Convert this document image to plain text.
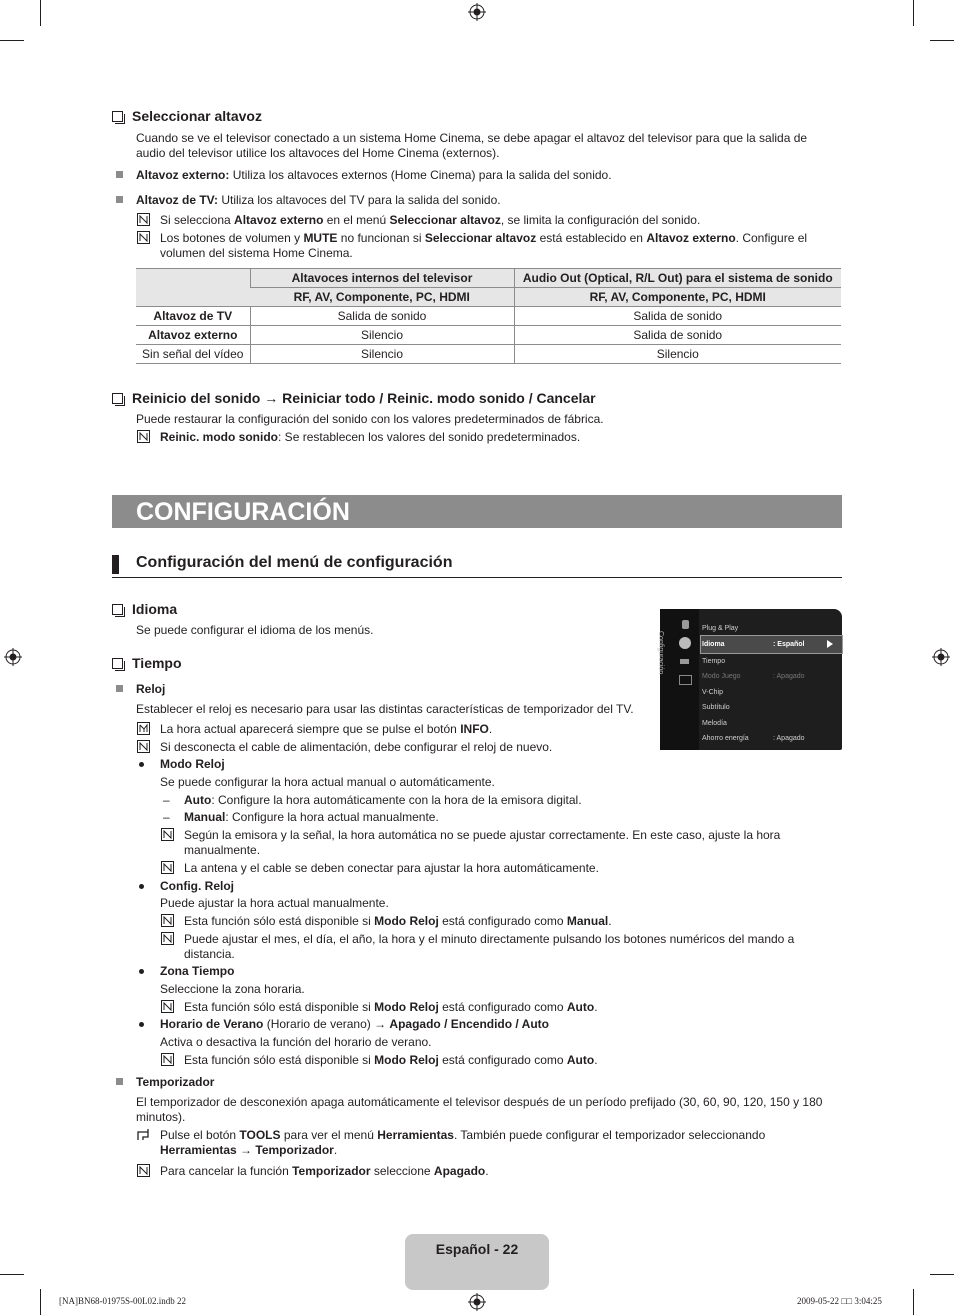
Seleccionar altavoz
Cuando se ve el televisor conectado a un sistema Home Cinema, se debe apagar el altavoz del televisor para que la salida de audio del televisor utilice los altavoces del Home Cinema (externos).
Altavoz externo: Utiliza los altavoces externos (Home Cinema) para la salida del sonido.
Altavoz de TV: Utiliza los altavoces del TV para la salida del sonido.
Si selecciona Altavoz externo en el menú Seleccionar altavoz, se limita la configuración del sonido.
Los botones de volumen y MUTE no funcionan si Seleccionar altavoz está establecido en Altavoz externo. Configure el volumen del sistema Home Cinema.
	Altavoces internos del televisor	Audio Out (Optical, R/L Out) para el sistema de sonido
	RF, AV, Componente, PC, HDMI	RF, AV, Componente, PC, HDMI
Altavoz de TV	Salida de sonido	Salida de sonido
Altavoz externo	Silencio	Salida de sonido
Sin señal del vídeo	Silencio	Silencio
Reinicio del sonido → Reiniciar todo / Reinic. modo sonido / Cancelar
Puede restaurar la configuración del sonido con los valores predeterminados de fábrica.
Reinic. modo sonido: Se restablecen los valores del sonido predeterminados.
CONFIGURACIÓN
Configuración del menú de configuración
Idioma
Se puede configurar el idioma de los menús.
Tiempo
Reloj
Establecer el reloj es necesario para usar las distintas características de temporizador del TV.
La hora actual aparecerá siempre que se pulse el botón INFO.
Si desconecta el cable de alimentación, debe configurar el reloj de nuevo.
Modo Reloj
Se puede configurar la hora actual manual o automáticamente.
– Auto: Configure la hora automáticamente con la hora de la emisora digital.
– Manual: Configure la hora actual manualmente.
Según la emisora y la señal, la hora automática no se puede ajustar correctamente. En este caso, ajuste la hora manualmente.
La antena y el cable se deben conectar para ajustar la hora automáticamente.
Config. Reloj
Puede ajustar la hora actual manualmente.
Esta función sólo está disponible si Modo Reloj está configurado como Manual.
Puede ajustar el mes, el día, el año, la hora y el minuto directamente pulsando los botones numéricos del mando a distancia.
Zona Tiempo
Seleccione la zona horaria.
Esta función sólo está disponible si Modo Reloj está configurado como Auto.
Horario de Verano (Horario de verano) → Apagado / Encendido / Auto
Activa o desactiva la función del horario de verano.
Esta función sólo está disponible si Modo Reloj está configurado como Auto.
Temporizador
El temporizador de desconexión apaga automáticamente el televisor después de un período prefijado (30, 60, 90, 120, 150 y 180 minutos).
Pulse el botón TOOLS para ver el menú Herramientas. También puede configurar el temporizador seleccionando Herramientas → Temporizador.
Para cancelar la función Temporizador seleccione Apagado.
Configuración
Plug & Play
Idioma	: Español
Tiempo
Modo Juego	: Apagado
V-Chip
Subtítulo
Melodía
Ahorro energía	: Apagado
Español - 22
[NA]BN68-01975S-00L02.indb 22	2009-05-22 □□ 3:04:25
